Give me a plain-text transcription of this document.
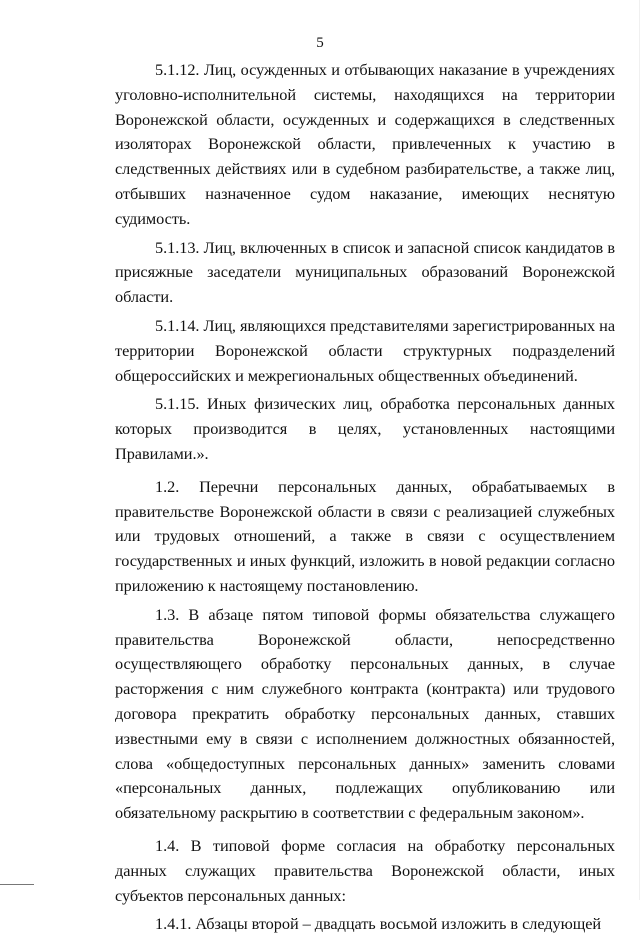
5

5.1.12. Лиц, осужденных и отбывающих наказание в учреждениях уголовно-исполнительной системы, находящихся на территории Воронежской области, осужденных и содержащихся в следственных изоляторах Воронежской области, привлеченных к участию в следственных действиях или в судебном разбирательстве, а также лиц, отбывших назначенное судом наказание, имеющих неснятую судимость.

5.1.13. Лиц, включенных в список и запасной список кандидатов в присяжные заседатели муниципальных образований Воронежской области.

5.1.14. Лиц, являющихся представителями зарегистрированных на территории Воронежской области структурных подразделений общероссийских и межрегиональных общественных объединений.

5.1.15. Иных физических лиц, обработка персональных данных которых производится в целях, установленных настоящими Правилами.».

1.2. Перечни персональных данных, обрабатываемых в правительстве Воронежской области в связи с реализацией служебных или трудовых отношений, а также в связи с осуществлением государственных и иных функций, изложить в новой редакции согласно приложению к настоящему постановлению.

1.3. В абзаце пятом типовой формы обязательства служащего правительства Воронежской области, непосредственно осуществляющего обработку персональных данных, в случае расторжения с ним служебного контракта (контракта) или трудового договора прекратить обработку персональных данных, ставших известными ему в связи с исполнением должностных обязанностей, слова «общедоступных персональных данных» заменить словами «персональных данных, подлежащих опубликованию или обязательному раскрытию в соответствии с федеральным законом».

1.4. В типовой форме согласия на обработку персональных данных служащих правительства Воронежской области, иных субъектов персональных данных:

1.4.1. Абзацы второй – двадцать восьмой изложить в следующей
